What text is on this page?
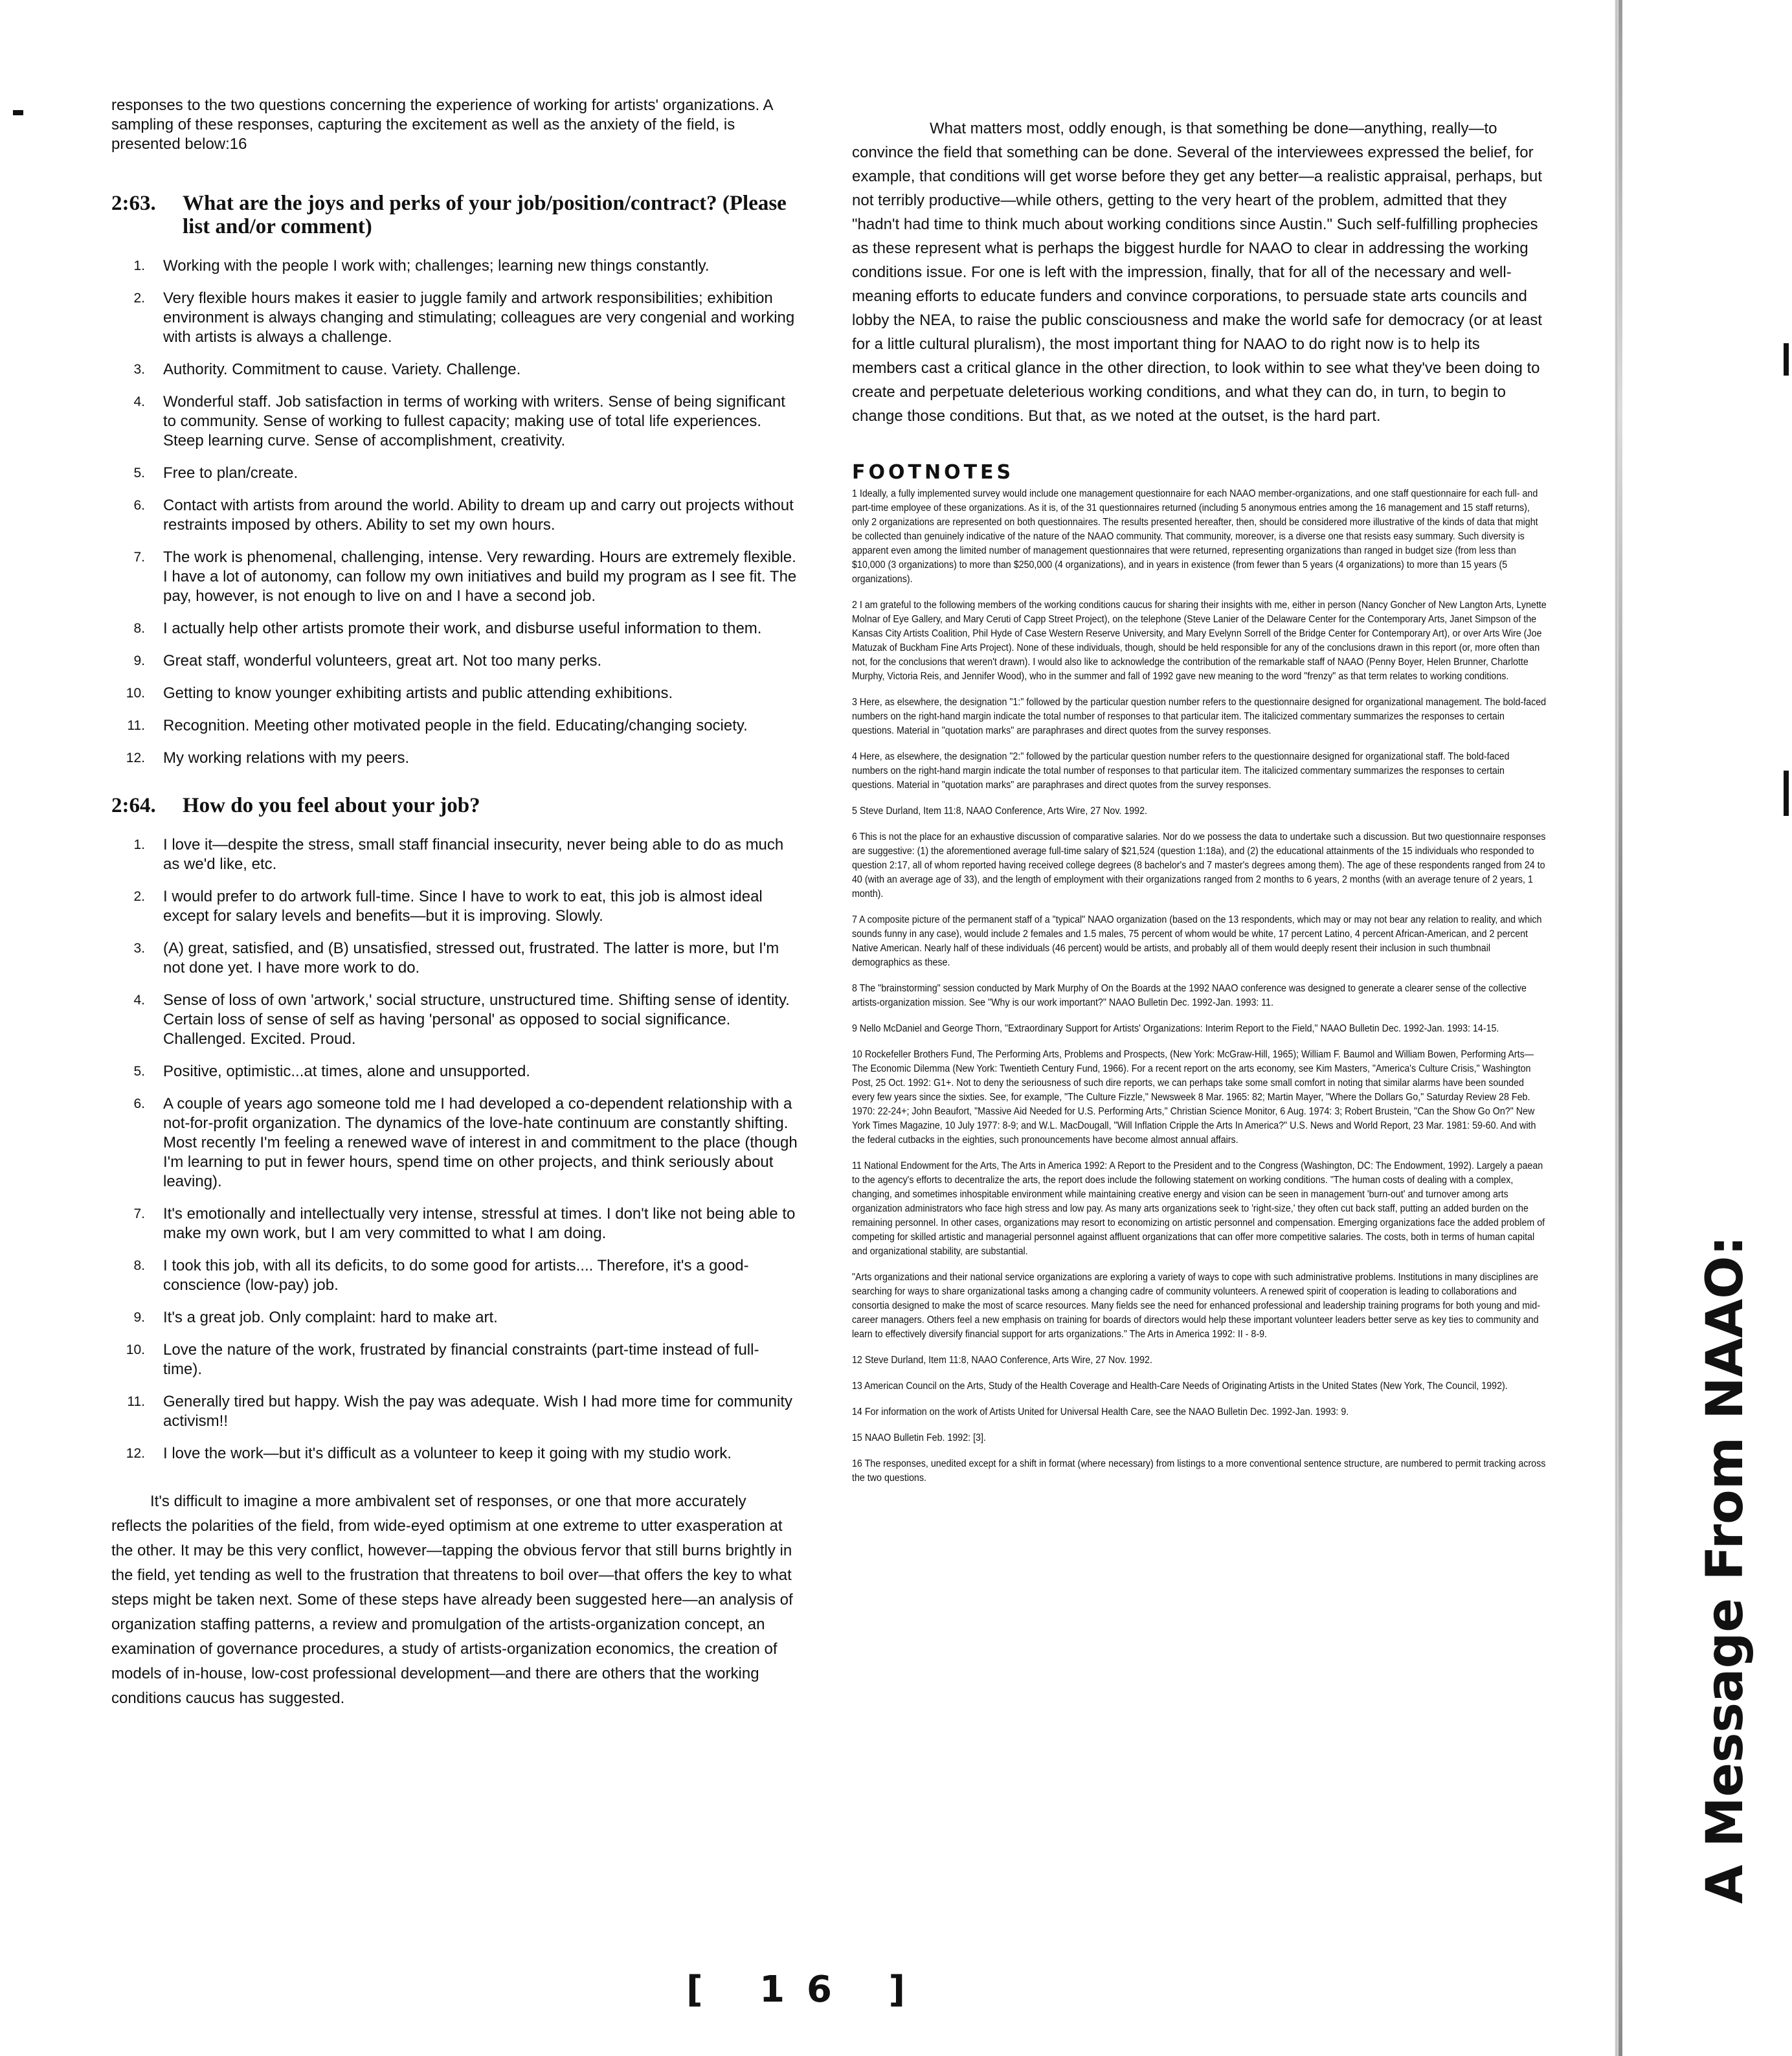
responses to the two questions concerning the experience of working for artists' organizations. A sampling of these responses, capturing the excitement as well as the anxiety of the field, is presented below:16

2:63.	What are the joys and perks of your job/position/contract? (Please list and/or comment)
1.	Working with the people I work with; challenges; learning new things constantly.
2.	Very flexible hours makes it easier to juggle family and artwork responsibilities; exhibition environment is always changing and stimulating; colleagues are very congenial and working with artists is always a challenge.
3.	Authority. Commitment to cause. Variety. Challenge.
4.	Wonderful staff. Job satisfaction in terms of working with writers. Sense of being significant to community. Sense of working to fullest capacity; making use of total life experiences. Steep learning curve. Sense of accomplishment, creativity.
5.	Free to plan/create.
6.	Contact with artists from around the world. Ability to dream up and carry out projects without restraints imposed by others. Ability to set my own hours.
7.	The work is phenomenal, challenging, intense. Very rewarding. Hours are extremely flexible. I have a lot of autonomy, can follow my own initiatives and build my program as I see fit. The pay, however, is not enough to live on and I have a second job.
8.	I actually help other artists promote their work, and disburse useful information to them.
9.	Great staff, wonderful volunteers, great art. Not too many perks.
10.	Getting to know younger exhibiting artists and public attending exhibitions.
11.	Recognition. Meeting other motivated people in the field. Educating/changing society.
12.	My working relations with my peers.
2:64.	How do you feel about your job?
1.	I love it—despite the stress, small staff financial insecurity, never being able to do as much as we'd like, etc.
2.	I would prefer to do artwork full-time. Since I have to work to eat, this job is almost ideal except for salary levels and benefits—but it is improving. Slowly.
3.	(A) great, satisfied, and (B) unsatisfied, stressed out, frustrated. The latter is more, but I'm not done yet. I have more work to do.
4.	Sense of loss of own 'artwork,' social structure, unstructured time. Shifting sense of identity. Certain loss of sense of self as having 'personal' as opposed to social significance. Challenged. Excited. Proud.
5.	Positive, optimistic...at times, alone and unsupported.
6.	A couple of years ago someone told me I had developed a co-dependent relationship with a not-for-profit organization. The dynamics of the love-hate continuum are constantly shifting. Most recently I'm feeling a renewed wave of interest in and commitment to the place (though I'm learning to put in fewer hours, spend time on other projects, and think seriously about leaving).
7.	It's emotionally and intellectually very intense, stressful at times. I don't like not being able to make my own work, but I am very committed to what I am doing.
8.	I took this job, with all its deficits, to do some good for artists.... Therefore, it's a good-conscience (low-pay) job.
9.	It's a great job. Only complaint: hard to make art.
10.	Love the nature of the work, frustrated by financial constraints (part-time instead of full-time).
11.	Generally tired but happy. Wish the pay was adequate. Wish I had more time for community activism!!
12.	I love the work—but it's difficult as a volunteer to keep it going with my studio work.

It's difficult to imagine a more ambivalent set of responses, or one that more accurately reflects the polarities of the field, from wide-eyed optimism at one extreme to utter exasperation at the other. It may be this very conflict, however—tapping the obvious fervor that still burns brightly in the field, yet tending as well to the frustration that threatens to boil over—that offers the key to what steps might be taken next. Some of these steps have already been suggested here—an analysis of organization staffing patterns, a review and promulgation of the artists-organization concept, an examination of governance procedures, a study of artists-organization economics, the creation of models of in-house, low-cost professional development—and there are others that the working conditions caucus has suggested.

What matters most, oddly enough, is that something be done—anything, really—to convince the field that something can be done. Several of the interviewees expressed the belief, for example, that conditions will get worse before they get any better—a realistic appraisal, perhaps, but not terribly productive—while others, getting to the very heart of the problem, admitted that they "hadn't had time to think much about working conditions since Austin." Such self-fulfilling prophecies as these represent what is perhaps the biggest hurdle for NAAO to clear in addressing the working conditions issue. For one is left with the impression, finally, that for all of the necessary and well-meaning efforts to educate funders and convince corporations, to persuade state arts councils and lobby the NEA, to raise the public consciousness and make the world safe for democracy (or at least for a little cultural pluralism), the most important thing for NAAO to do right now is to help its members cast a critical glance in the other direction, to look within to see what they've been doing to create and perpetuate deleterious working conditions, and what they can do, in turn, to begin to change those conditions. But that, as we noted at the outset, is the hard part.

FOOTNOTES

1 Ideally, a fully implemented survey would include one management questionnaire for each NAAO member-organizations, and one staff questionnaire for each full- and part-time employee of these organizations. As it is, of the 31 questionnaires returned (including 5 anonymous entries among the 16 management and 15 staff returns), only 2 organizations are represented on both questionnaires. The results presented hereafter, then, should be considered more illustrative of the kinds of data that might be collected than genuinely indicative of the nature of the NAAO community. That community, moreover, is a diverse one that resists easy summary. Such diversity is apparent even among the limited number of management questionnaires that were returned, representing organizations than ranged in budget size (from less than $10,000 (3 organizations) to more than $250,000 (4 organizations), and in years in existence (from fewer than 5 years (4 organizations) to more than 15 years (5 organizations).

2 I am grateful to the following members of the working conditions caucus for sharing their insights with me, either in person (Nancy Goncher of New Langton Arts, Lynette Molnar of Eye Gallery, and Mary Ceruti of Capp Street Project), on the telephone (Steve Lanier of the Delaware Center for the Contemporary Arts, Janet Simpson of the Kansas City Artists Coalition, Phil Hyde of Case Western Reserve University, and Mary Evelynn Sorrell of the Bridge Center for Contemporary Art), or over Arts Wire (Joe Matuzak of Buckham Fine Arts Project). None of these individuals, though, should be held responsible for any of the conclusions drawn in this report (or, more often than not, for the conclusions that weren't drawn). I would also like to acknowledge the contribution of the remarkable staff of NAAO (Penny Boyer, Helen Brunner, Charlotte Murphy, Victoria Reis, and Jennifer Wood), who in the summer and fall of 1992 gave new meaning to the word "frenzy" as that term relates to working conditions.

3 Here, as elsewhere, the designation "1:" followed by the particular question number refers to the questionnaire designed for organizational management. The bold-faced numbers on the right-hand margin indicate the total number of responses to that particular item. The italicized commentary summarizes the responses to certain questions. Material in "quotation marks" are paraphrases and direct quotes from the survey responses.

4 Here, as elsewhere, the designation "2:" followed by the particular question number refers to the questionnaire designed for organizational staff. The bold-faced numbers on the right-hand margin indicate the total number of responses to that particular item. The italicized commentary summarizes the responses to certain questions. Material in "quotation marks" are paraphrases and direct quotes from the survey responses.

5 Steve Durland, Item 11:8, NAAO Conference, Arts Wire, 27 Nov. 1992.

6 This is not the place for an exhaustive discussion of comparative salaries. Nor do we possess the data to undertake such a discussion. But two questionnaire responses are suggestive: (1) the aforementioned average full-time salary of $21,524 (question 1:18a), and (2) the educational attainments of the 15 individuals who responded to question 2:17, all of whom reported having received college degrees (8 bachelor's and 7 master's degrees among them). The age of these respondents ranged from 24 to 40 (with an average age of 33), and the length of employment with their organizations ranged from 2 months to 6 years, 2 months (with an average tenure of 2 years, 1 month).

7 A composite picture of the permanent staff of a "typical" NAAO organization (based on the 13 respondents, which may or may not bear any relation to reality, and which sounds funny in any case), would include 2 females and 1.5 males, 75 percent of whom would be white, 17 percent Latino, 4 percent African-American, and 2 percent Native American. Nearly half of these individuals (46 percent) would be artists, and probably all of them would deeply resent their inclusion in such thumbnail demographics as these.

8 The "brainstorming" session conducted by Mark Murphy of On the Boards at the 1992 NAAO conference was designed to generate a clearer sense of the collective artists-organization mission. See "Why is our work important?" NAAO Bulletin Dec. 1992-Jan. 1993: 11.

9 Nello McDaniel and George Thorn, "Extraordinary Support for Artists' Organizations: Interim Report to the Field," NAAO Bulletin Dec. 1992-Jan. 1993: 14-15.

10 Rockefeller Brothers Fund, The Performing Arts, Problems and Prospects, (New York: McGraw-Hill, 1965); William F. Baumol and William Bowen, Performing Arts—The Economic Dilemma (New York: Twentieth Century Fund, 1966). For a recent report on the arts economy, see Kim Masters, "America's Culture Crisis," Washington Post, 25 Oct. 1992: G1+. Not to deny the seriousness of such dire reports, we can perhaps take some small comfort in noting that similar alarms have been sounded every few years since the sixties. See, for example, "The Culture Fizzle," Newsweek 8 Mar. 1965: 82; Martin Mayer, "Where the Dollars Go," Saturday Review 28 Feb. 1970: 22-24+; John Beaufort, "Massive Aid Needed for U.S. Performing Arts," Christian Science Monitor, 6 Aug. 1974: 3; Robert Brustein, "Can the Show Go On?" New York Times Magazine, 10 July 1977: 8-9; and W.L. MacDougall, "Will Inflation Cripple the Arts In America?" U.S. News and World Report, 23 Mar. 1981: 59-60. And with the federal cutbacks in the eighties, such pronouncements have become almost annual affairs.

11 National Endowment for the Arts, The Arts in America 1992: A Report to the President and to the Congress (Washington, DC: The Endowment, 1992). Largely a paean to the agency's efforts to decentralize the arts, the report does include the following statement on working conditions. "The human costs of dealing with a complex, changing, and sometimes inhospitable environment while maintaining creative energy and vision can be seen in management 'burn-out' and turnover among arts organization administrators who face high stress and low pay. As many arts organizations seek to 'right-size,' they often cut back staff, putting an added burden on the remaining personnel. In other cases, organizations may resort to economizing on artistic personnel and compensation. Emerging organizations face the added problem of competing for skilled artistic and managerial personnel against affluent organizations that can offer more competitive salaries. The costs, both in terms of human capital and organizational stability, are substantial.

"Arts organizations and their national service organizations are exploring a variety of ways to cope with such administrative problems. Institutions in many disciplines are searching for ways to share organizational tasks among a changing cadre of community volunteers. A renewed spirit of cooperation is leading to collaborations and consortia designed to make the most of scarce resources. Many fields see the need for enhanced professional and leadership training programs for both young and mid-career managers. Others feel a new emphasis on training for boards of directors would help these important volunteer leaders better serve as key ties to community and learn to effectively diversify financial support for arts organizations." The Arts in America 1992: II - 8-9.

12 Steve Durland, Item 11:8, NAAO Conference, Arts Wire, 27 Nov. 1992.

13 American Council on the Arts, Study of the Health Coverage and Health-Care Needs of Originating Artists in the United States (New York, The Council, 1992).

14 For information on the work of Artists United for Universal Health Care, see the NAAO Bulletin Dec. 1992-Jan. 1993: 9.

15 NAAO Bulletin Feb. 1992: [3].

16 The responses, unedited except for a shift in format (where necessary) from listings to a more conventional sentence structure, are numbered to permit tracking across the two questions.

[ 16 ]
A Message From NAAO:
